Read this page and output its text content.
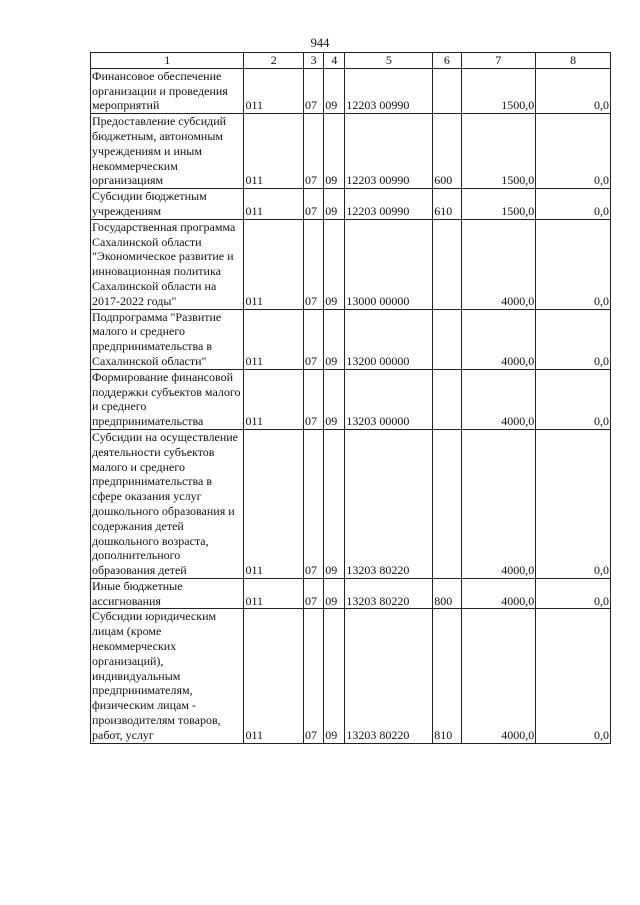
944
1	2	3	4	5	6	7	8
Финансовое обеспечение организации и проведения мероприятий	011	07	09	12203 00990		1500,0	0,0
Предоставление субсидий бюджетным, автономным учреждениям и иным некоммерческим организациям	011	07	09	12203 00990	600	1500,0	0,0
Субсидии бюджетным учреждениям	011	07	09	12203 00990	610	1500,0	0,0
Государственная программа Сахалинской области "Экономическое развитие и инновационная политика Сахалинской области на 2017-2022 годы"	011	07	09	13000 00000		4000,0	0,0
Подпрограмма "Развитие малого и среднего предпринимательства в Сахалинской области"	011	07	09	13200 00000		4000,0	0,0
Формирование финансовой поддержки субъектов малого и среднего предпринимательства	011	07	09	13203 00000		4000,0	0,0
Субсидии на осуществление деятельности субъектов малого и среднего предпринимательства в сфере оказания услуг дошкольного образования и содержания детей дошкольного возраста, дополнительного образования детей	011	07	09	13203 80220		4000,0	0,0
Иные бюджетные ассигнования	011	07	09	13203 80220	800	4000,0	0,0
Субсидии юридическим лицам (кроме некоммерческих организаций), индивидуальным предпринимателям, физическим лицам - производителям товаров, работ, услуг	011	07	09	13203 80220	810	4000,0	0,0
